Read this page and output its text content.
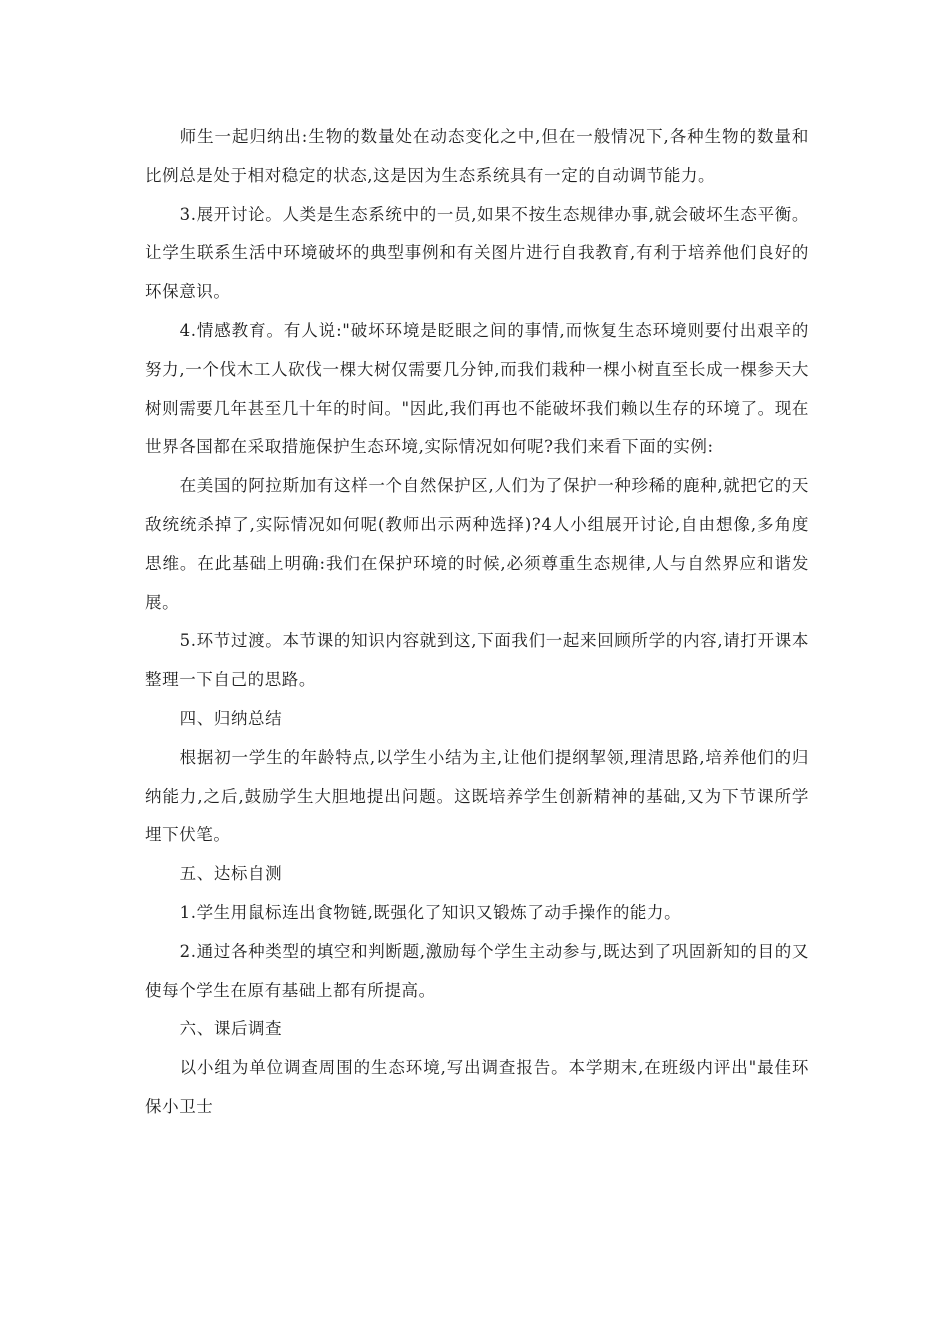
师生一起归纳出:生物的数量处在动态变化之中,但在一般情况下,各种生物的数量和比例总是处于相对稳定的状态,这是因为生态系统具有一定的自动调节能力。

3.展开讨论。人类是生态系统中的一员,如果不按生态规律办事,就会破坏生态平衡。让学生联系生活中环境破坏的典型事例和有关图片进行自我教育,有利于培养他们良好的环保意识。

4.情感教育。有人说:"破坏环境是眨眼之间的事情,而恢复生态环境则要付出艰辛的努力,一个伐木工人砍伐一棵大树仅需要几分钟,而我们栽种一棵小树直至长成一棵参天大树则需要几年甚至几十年的时间。"因此,我们再也不能破坏我们赖以生存的环境了。现在世界各国都在采取措施保护生态环境,实际情况如何呢?我们来看下面的实例:

在美国的阿拉斯加有这样一个自然保护区,人们为了保护一种珍稀的鹿种,就把它的天敌统统杀掉了,实际情况如何呢(教师出示两种选择)?4人小组展开讨论,自由想像,多角度思维。在此基础上明确:我们在保护环境的时候,必须尊重生态规律,人与自然界应和谐发展。

5.环节过渡。本节课的知识内容就到这,下面我们一起来回顾所学的内容,请打开课本整理一下自己的思路。

四、归纳总结

根据初一学生的年龄特点,以学生小结为主,让他们提纲挈领,理清思路,培养他们的归纳能力,之后,鼓励学生大胆地提出问题。这既培养学生创新精神的基础,又为下节课所学埋下伏笔。

五、达标自测

1.学生用鼠标连出食物链,既强化了知识又锻炼了动手操作的能力。

2.通过各种类型的填空和判断题,激励每个学生主动参与,既达到了巩固新知的目的又使每个学生在原有基础上都有所提高。

六、课后调查

以小组为单位调查周围的生态环境,写出调查报告。本学期末,在班级内评出"最佳环保小卫士
